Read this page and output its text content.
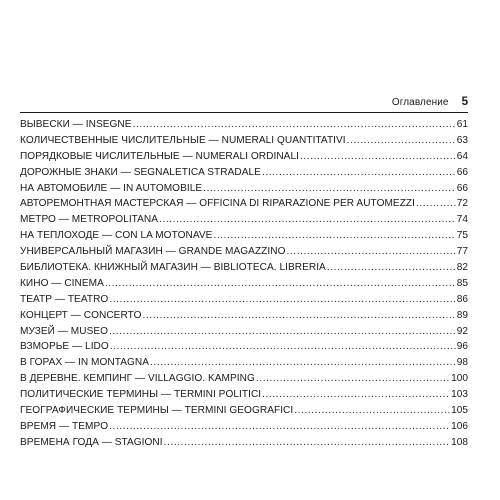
Оглавление 5
ВЫВЕСКИ — INSEGNE .....	61
КОЛИЧЕСТВЕННЫЕ ЧИСЛИТЕЛЬНЫЕ — NUMERALI QUANTITATIVI .....	63
ПОРЯДКОВЫЕ ЧИСЛИТЕЛЬНЫЕ — NUMERALI ORDINALI .....	64
ДОРОЖНЫЕ ЗНАКИ — SEGNALETICA STRADALE .....	66
НА АВТОМОБИЛЕ — IN AUTOMOBILE .....	66
АВТОРЕМОНТНАЯ МАСТЕРСКАЯ — OFFICINA DI RIPARAZIONE PER AUTOMEZZI .....	72
МЕТРО — METROPOLITANA .....	74
НА ТЕПЛОХОДЕ — CON LA MOTONAVE .....	75
УНИВЕРСАЛЬНЫЙ МАГАЗИН — GRANDE MAGAZZINO .....	77
БИБЛИОТЕКА. КНИЖНЫЙ МАГАЗИН — BIBLIOTECA. LIBRERIA .....	82
КИНО — CINEMA .....	85
ТЕАТР — TEATRO .....	86
КОНЦЕРТ — CONCERTO .....	89
МУЗЕЙ — MUSEO .....	92
ВЗМОРЬЕ — LIDO .....	96
В ГОРАХ — IN MONTAGNA .....	98
В ДЕРЕВНЕ. КЕМПИНГ — VILLAGGIO. KAMPING .....	100
ПОЛИТИЧЕСКИЕ ТЕРМИНЫ — TERMINI POLITICI .....	103
ГЕОГРАФИЧЕСКИЕ ТЕРМИНЫ — TERMINI GEOGRAFICI .....	105
ВРЕМЯ — TEMPO .....	106
ВРЕМЕНА ГОДА — STAGIONI .....	108
